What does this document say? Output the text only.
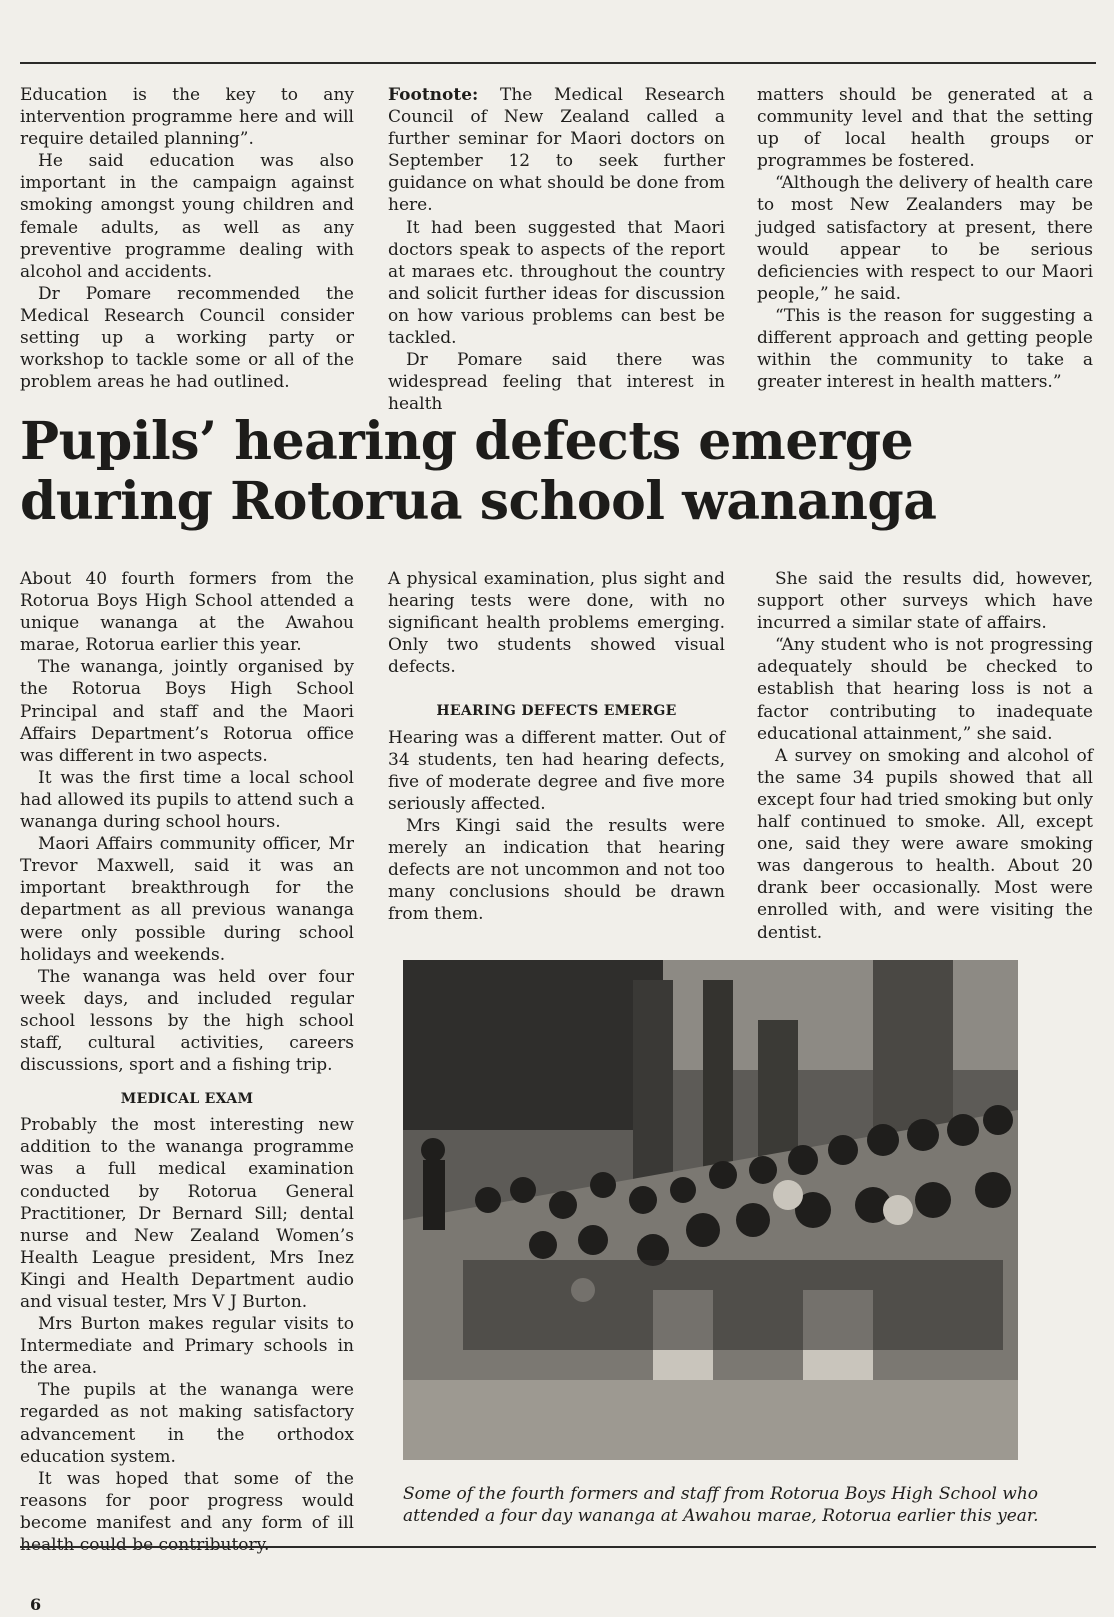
Education is the key to any intervention programme here and will require detailed planning”.

He said education was also important in the campaign against smoking amongst young children and female adults, as well as any preventive programme dealing with alcohol and accidents.

Dr Pomare recommended the Medical Research Council consider setting up a working party or workshop to tackle some or all of the problem areas he had outlined.

Footnote: The Medical Research Council of New Zealand called a further seminar for Maori doctors on September 12 to seek further guidance on what should be done from here.

It had been suggested that Maori doctors speak to aspects of the report at maraes etc. throughout the country and solicit further ideas for discussion on how various problems can best be tackled.

Dr Pomare said there was widespread feeling that interest in health

matters should be generated at a community level and that the setting up of local health groups or programmes be fostered.

“Although the delivery of health care to most New Zealanders may be judged satisfactory at present, there would appear to be serious deficiencies with respect to our Maori people,” he said.

“This is the reason for suggesting a different approach and getting people within the community to take a greater interest in health matters.”

Pupils’ hearing defects emerge
during Rotorua school wananga

About 40 fourth formers from the Rotorua Boys High School attended a unique wananga at the Awahou marae, Rotorua earlier this year.

The wananga, jointly organised by the Rotorua Boys High School Principal and staff and the Maori Affairs Department’s Rotorua office was different in two aspects.

It was the first time a local school had allowed its pupils to attend such a wananga during school hours.

Maori Affairs community officer, Mr Trevor Maxwell, said it was an important breakthrough for the department as all previous wananga were only possible during school holidays and weekends.

The wananga was held over four week days, and included regular school lessons by the high school staff, cultural activities, careers discussions, sport and a fishing trip.

MEDICAL EXAM

Probably the most interesting new addition to the wananga programme was a full medical examination conducted by Rotorua General Practitioner, Dr Bernard Sill; dental nurse and New Zealand Women’s Health League president, Mrs Inez Kingi and Health Department audio and visual tester, Mrs V J Burton.

Mrs Burton makes regular visits to Intermediate and Primary schools in the area.

The pupils at the wananga were regarded as not making satisfactory advancement in the orthodox education system.

It was hoped that some of the reasons for poor progress would become manifest and any form of ill

A physical examination, plus sight and hearing tests were done, with no significant health problems emerging. Only two students showed visual defects.

HEARING DEFECTS EMERGE

Hearing was a different matter. Out of 34 students, ten had hearing defects, five of moderate degree and five more seriously affected.

Mrs Kingi said the results were merely an indication that hearing defects are not uncommon and not too many conclusions should be drawn from them.

She said the results did, however, support other surveys which have incurred a similar state of affairs.

“Any student who is not progressing adequately should be checked to establish that hearing loss is not a factor contributing to inadequate educational attainment,” she said.

A survey on smoking and alcohol of the same 34 pupils showed that all except four had tried smoking but only half continued to smoke. All, except one, said they were aware smoking was dangerous to health. About 20 drank beer occasionally. Most were enrolled with, and were visiting the dentist.

Some of the fourth formers and staff from Rotorua Boys High School who attended a four day wananga at Awahou marae, Rotorua earlier this year.
6
